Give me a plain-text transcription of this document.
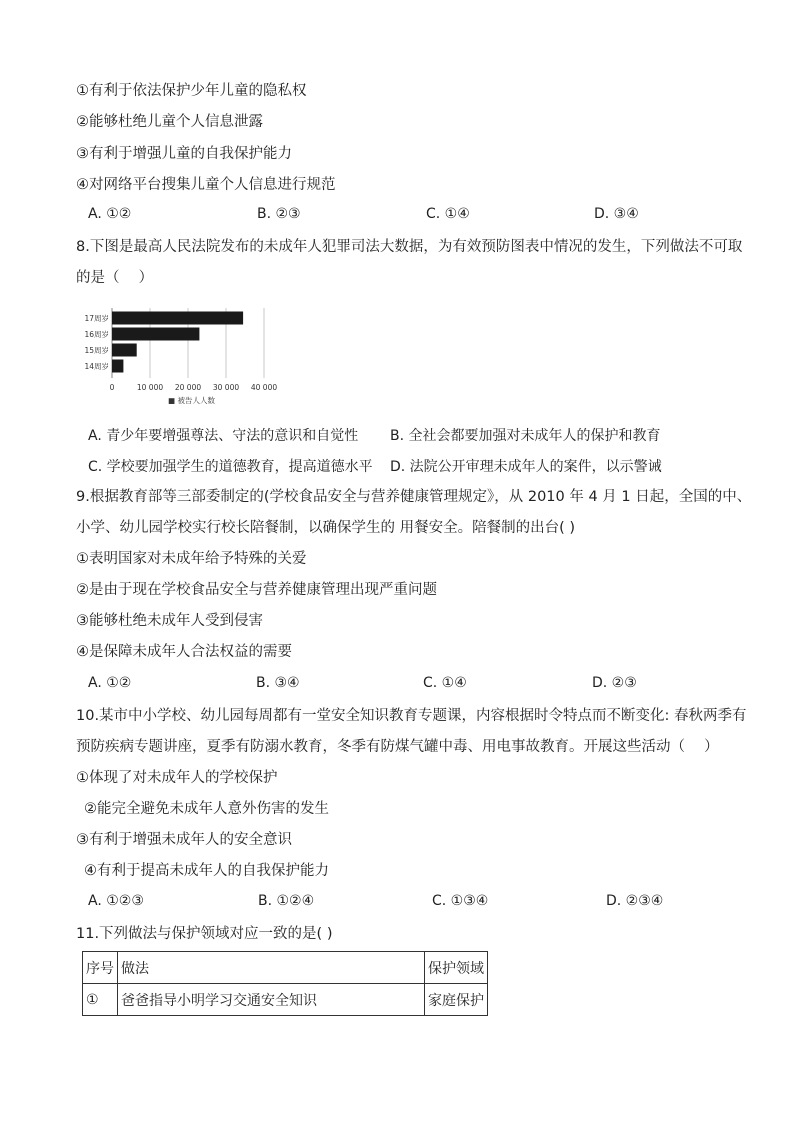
①有利于依法保护少年儿童的隐私权
②能够杜绝儿童个人信息泄露
③有利于增强儿童的自我保护能力
④对网络平台搜集儿童个人信息进行规范
A. ①②	B. ②③	C. ①④	D. ③④
8.下图是最高人民法院发布的未成年人犯罪司法大数据，为有效预防图表中情况的发生，下列做法不可取
的是（　 ）
0	10 000 20 000 30 000 40 000
17周岁
16周岁
15周岁
14周岁
■ 被告人人数
A. 青少年要增强尊法、守法的意识和自觉性 B. 全社会都要加强对未成年人的保护和教育
C. 学校要加强学生的道德教育，提高道德水平 D. 法院公开审理未成年人的案件，以示警诫
9.根据教育部等三部委制定的(学校食品安全与营养健康管理规定》，从 2010 年 4 月 1 日起，全国的中、
小学、幼儿园学校实行校长陪餐制，以确保学生的 用餐安全。陪餐制的出台( )
①表明国家对未成年给予特殊的关爱
②是由于现在学校食品安全与营养健康管理出现严重问题
③能够杜绝未成年人受到侵害
④是保障未成年人合法权益的需要
A. ①②	B. ③④	C. ①④	D. ②③
10.某市中小学校、幼儿园每周都有一堂安全知识教育专题课，内容根据时令特点而不断变化: 春秋两季有
预防疾病专题讲座，夏季有防溺水教育，冬季有防煤气罐中毒、用电事故教育。开展这些活动（　 ）
①体现了对未成年人的学校保护
②能完全避免未成年人意外伤害的发生
③有利于增强未成年人的安全意识
④有利于提高未成年人的自我保护能力
A. ①②③	B. ①②④	C. ①③④	D. ②③④
11.下列做法与保护领域对应一致的是( )
序号	做法	保护领域
①	爸爸指导小明学习交通安全知识	家庭保护
